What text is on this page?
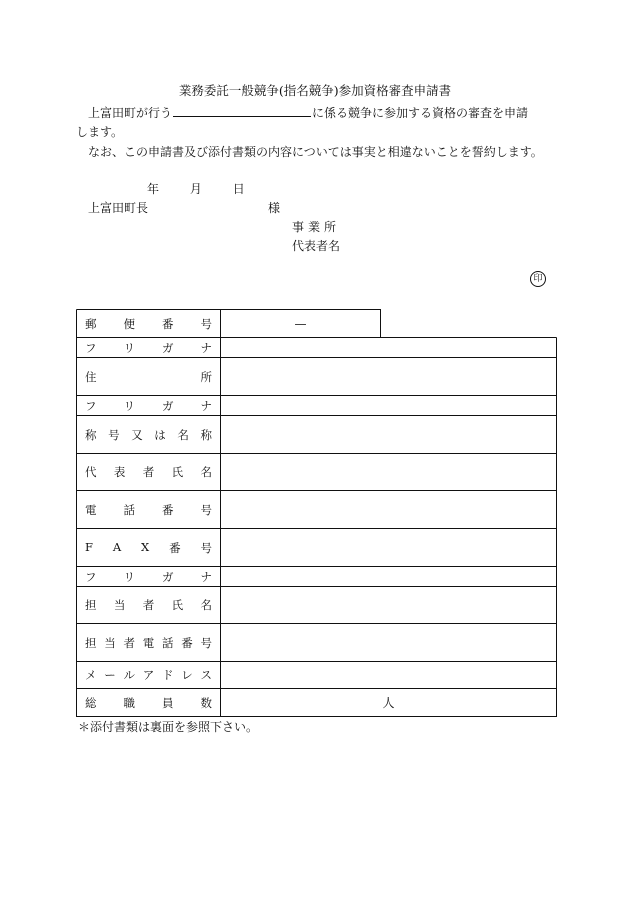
業務委託一般競争(指名競争)参加資格審査申請書
上富田町が行う	に係る競争に参加する資格の審査を申請
します。
なお、この申請書及び添付書類の内容については事実と相違ないことを誓約します。
年	月	日
上富田町長	様
事業所
代表者名
印
郵 便 番 号	—
フ リ ガ ナ
住	所
フ リ ガ ナ
称 号 又 は 名 称
代 表 者 氏 名
電 話 番 号
F A X 番 号
フ リ ガ ナ
担 当 者 氏 名
担 当 者 電 話 番 号
メ ー ル ア ド レ ス
総 職 員 数	人
＊添付書類は裏面を参照下さい。
